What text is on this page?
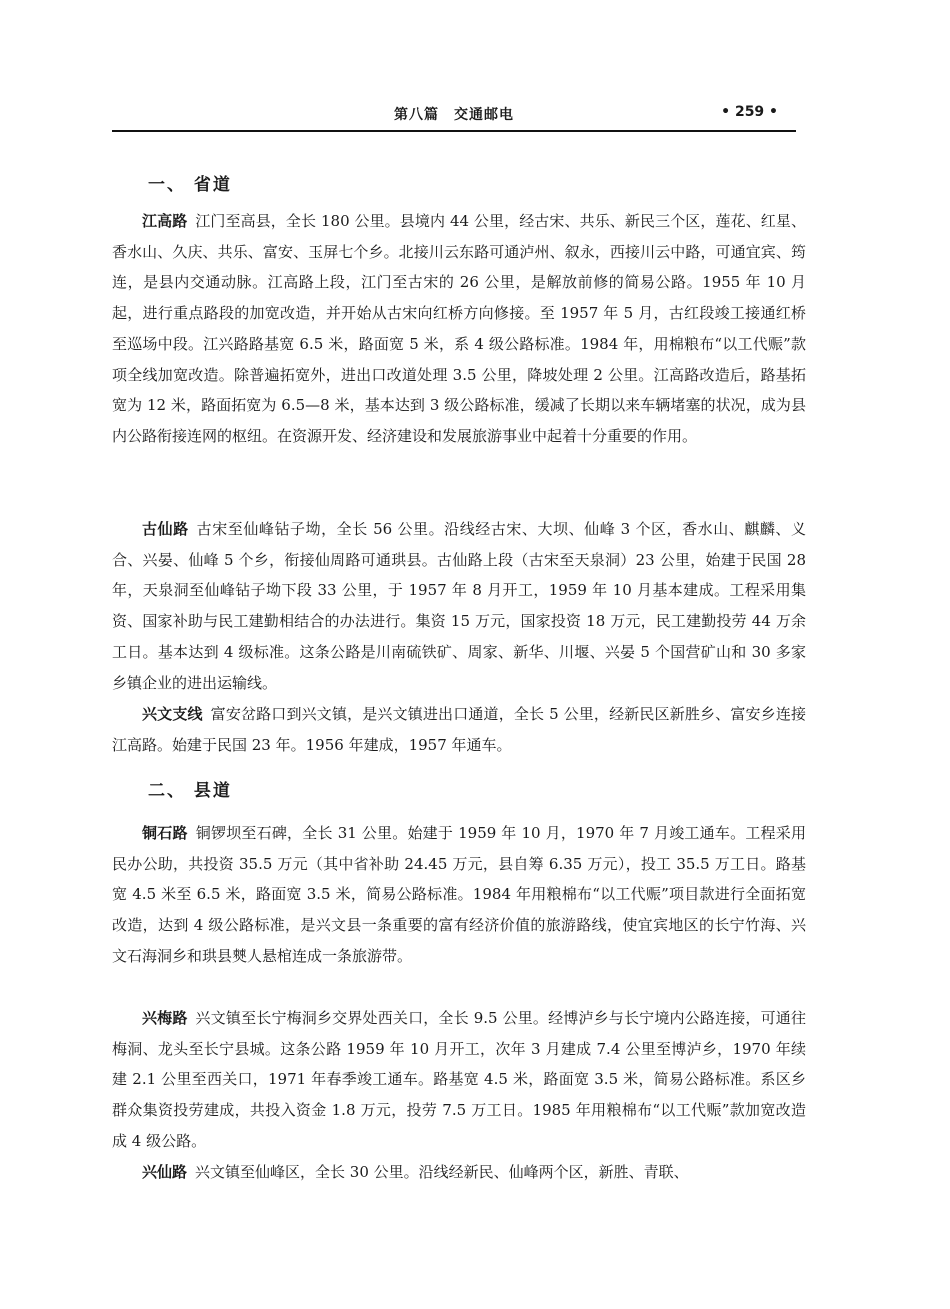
第八篇　交通邮电	• 259 •
一、 省道

江高路 江门至高县，全长 180 公里。县境内 44 公里，经古宋、共乐、新民三个区，莲花、红星、香水山、久庆、共乐、富安、玉屏七个乡。北接川云东路可通泸州、叙永，西接川云中路，可通宜宾、筠连，是县内交通动脉。江高路上段，江门至古宋的 26 公里，是解放前修的简易公路。1955 年 10 月起，进行重点路段的加宽改造，并开始从古宋向红桥方向修接。至 1957 年 5 月，古红段竣工接通红桥至巡场中段。江兴路路基宽 6.5 米，路面宽 5 米，系 4 级公路标准。1984 年，用棉粮布“以工代赈”款项全线加宽改造。除普遍拓宽外，进出口改道处理 3.5 公里，降坡处理 2 公里。江高路改造后，路基拓宽为 12 米，路面拓宽为 6.5—8 米，基本达到 3 级公路标准，缓减了长期以来车辆堵塞的状况，成为县内公路衔接连网的枢纽。在资源开发、经济建设和发展旅游事业中起着十分重要的作用。

古仙路 古宋至仙峰钻子坳，全长 56 公里。沿线经古宋、大坝、仙峰 3 个区，香水山、麒麟、义合、兴晏、仙峰 5 个乡，衔接仙周路可通珙县。古仙路上段（古宋至天泉洞）23 公里，始建于民国 28 年，天泉洞至仙峰钻子坳下段 33 公里，于 1957 年 8 月开工，1959 年 10 月基本建成。工程采用集资、国家补助与民工建勤相结合的办法进行。集资 15 万元，国家投资 18 万元，民工建勤投劳 44 万余工日。基本达到 4 级标准。这条公路是川南硫铁矿、周家、新华、川堰、兴晏 5 个国营矿山和 30 多家乡镇企业的进出运输线。

兴文支线 富安岔路口到兴文镇，是兴文镇进出口通道，全长 5 公里，经新民区新胜乡、富安乡连接江高路。始建于民国 23 年。1956 年建成，1957 年通车。

二、 县道

铜石路 铜锣坝至石碑，全长 31 公里。始建于 1959 年 10 月，1970 年 7 月竣工通车。工程采用民办公助，共投资 35.5 万元（其中省补助 24.45 万元，县自筹 6.35 万元），投工 35.5 万工日。路基宽 4.5 米至 6.5 米，路面宽 3.5 米，简易公路标准。1984 年用粮棉布“以工代赈”项目款进行全面拓宽改造，达到 4 级公路标准，是兴文县一条重要的富有经济价值的旅游路线，使宜宾地区的长宁竹海、兴文石海洞乡和珙县僰人悬棺连成一条旅游带。

兴梅路 兴文镇至长宁梅洞乡交界处西关口，全长 9.5 公里。经博泸乡与长宁境内公路连接，可通往梅洞、龙头至长宁县城。这条公路 1959 年 10 月开工，次年 3 月建成 7.4 公里至博泸乡，1970 年续建 2.1 公里至西关口，1971 年春季竣工通车。路基宽 4.5 米，路面宽 3.5 米，简易公路标准。系区乡群众集资投劳建成，共投入资金 1.8 万元，投劳 7.5 万工日。1985 年用粮棉布“以工代赈”款加宽改造成 4 级公路。

兴仙路 兴文镇至仙峰区，全长 30 公里。沿线经新民、仙峰两个区，新胜、青联、
